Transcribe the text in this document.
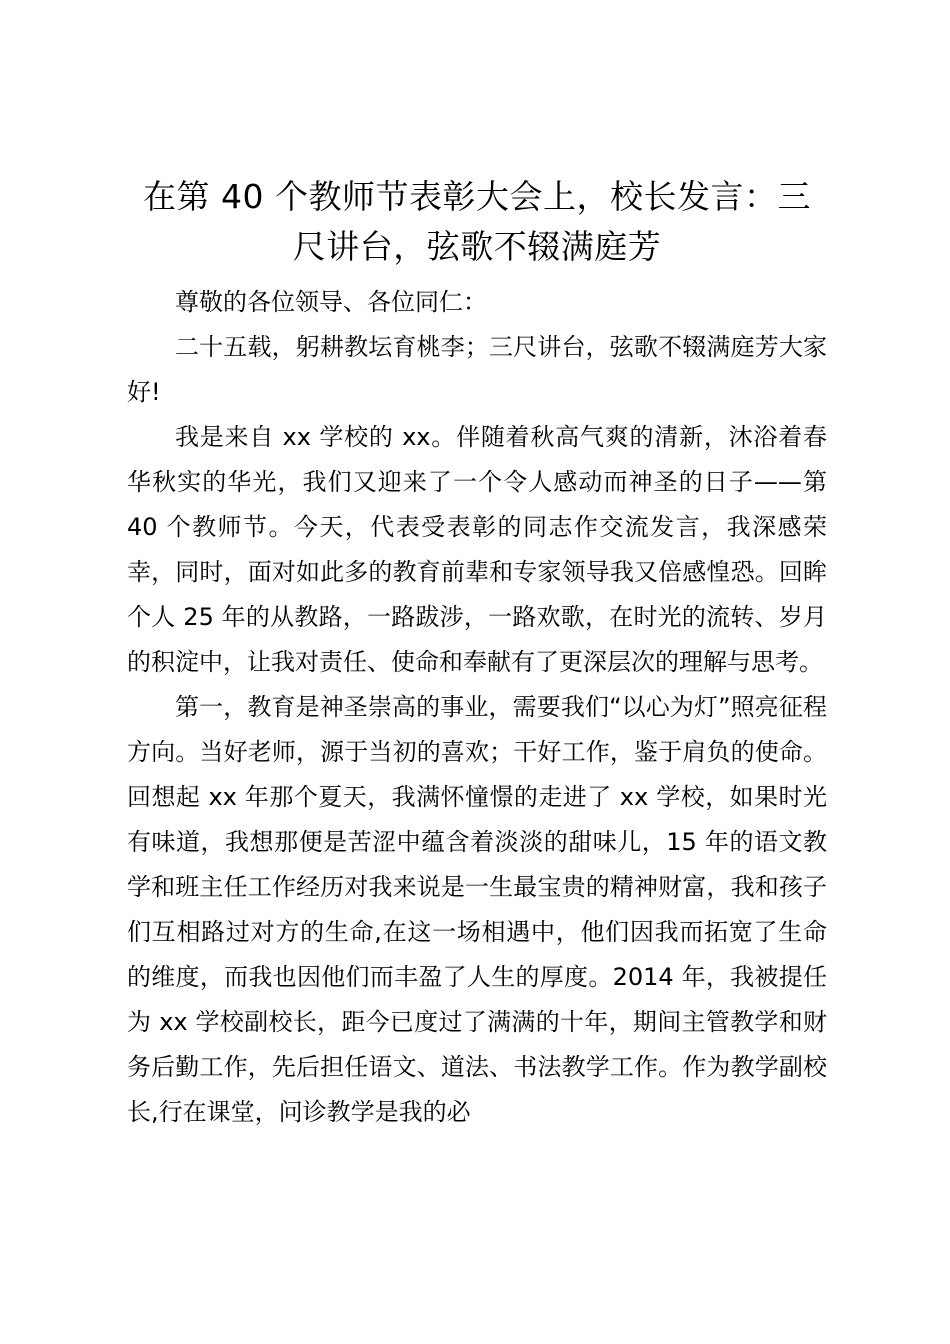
在第 40 个教师节表彰大会上，校长发言：三尺讲台，弦歌不辍满庭芳

尊敬的各位领导、各位同仁：

二十五载，躬耕教坛育桃李；三尺讲台，弦歌不辍满庭芳大家好!

我是来自 xx 学校的 xx。伴随着秋高气爽的清新，沐浴着春华秋实的华光，我们又迎来了一个令人感动而神圣的日子——第 40 个教师节。今天，代表受表彰的同志作交流发言，我深感荣幸，同时，面对如此多的教育前辈和专家领导我又倍感惶恐。回眸个人 25 年的从教路，一路跋涉，一路欢歌，在时光的流转、岁月的积淀中，让我对责任、使命和奉献有了更深层次的理解与思考。

第一，教育是神圣崇高的事业，需要我们“以心为灯”照亮征程方向。当好老师，源于当初的喜欢；干好工作，鉴于肩负的使命。回想起 xx 年那个夏天，我满怀憧憬的走进了 xx 学校，如果时光有味道，我想那便是苦涩中蕴含着淡淡的甜味儿，15 年的语文教学和班主任工作经历对我来说是一生最宝贵的精神财富，我和孩子们互相路过对方的生命,在这一场相遇中，他们因我而拓宽了生命的维度，而我也因他们而丰盈了人生的厚度。2014 年，我被提任为 xx 学校副校长，距今已度过了满满的十年，期间主管教学和财务后勤工作，先后担任语文、道法、书法教学工作。作为教学副校长,行在课堂，问诊教学是我的必
